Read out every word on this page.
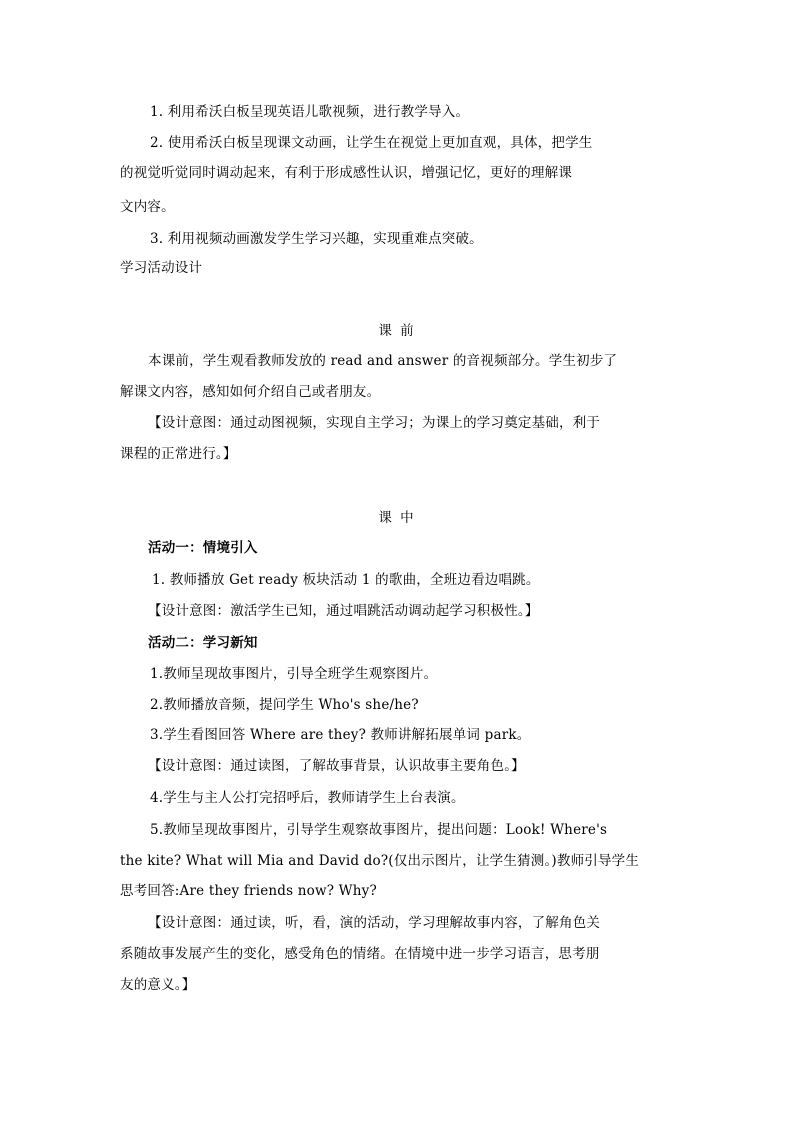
1. 利用希沃白板呈现英语儿歌视频，进行教学导入。
2. 使用希沃白板呈现课文动画，让学生在视觉上更加直观，具体，把学生
的视觉听觉同时调动起来，有利于形成感性认识，增强记忆，更好的理解课
文内容。
3. 利用视频动画激发学生学习兴趣，实现重难点突破。
学习活动设计
课 前
本课前，学生观看教师发放的 read and answer 的音视频部分。学生初步了
解课文内容，感知如何介绍自己或者朋友。
【设计意图：通过动图视频，实现自主学习；为课上的学习奠定基础，利于
课程的正常进行。】
课 中
活动一：情境引入
1. 教师播放 Get ready 板块活动 1 的歌曲，全班边看边唱跳。
【设计意图：激活学生已知，通过唱跳活动调动起学习积极性。】
活动二：学习新知
1.教师呈现故事图片，引导全班学生观察图片。
2.教师播放音频，提问学生 Who's she/he?
3.学生看图回答 Where are they? 教师讲解拓展单词 park。
【设计意图：通过读图，了解故事背景，认识故事主要角色。】
4.学生与主人公打完招呼后，教师请学生上台表演。
5.教师呈现故事图片，引导学生观察故事图片，提出问题：Look! Where's
the kite? What will Mia and David do?(仅出示图片，让学生猜测。)教师引导学生
思考回答:Are they friends now? Why?
【设计意图：通过读，听，看，演的活动，学习理解故事内容，了解角色关
系随故事发展产生的变化，感受角色的情绪。在情境中进一步学习语言，思考朋
友的意义。】
